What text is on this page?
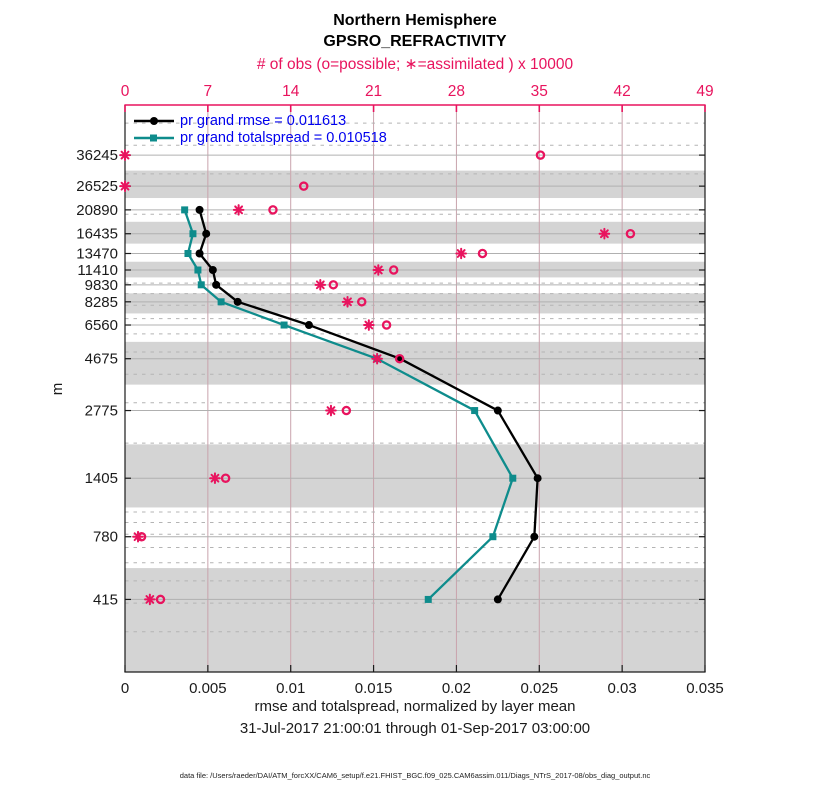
Northern Hemisphere
GPSRO_REFRACTIVITY
# of obs (o=possible; ∗=assimilated ) x 10000
0	0.005	0.01	0.015	0.02	0.025	0.03	0.035
0	7	14	21	28	35	42	49
36245
26525
20890
16435
13470
11410
9830
8285
6560
4675
2775
1405
780
415
m
pr grand rmse = 0.011613
pr grand totalspread = 0.010518
rmse and totalspread, normalized by layer mean
31-Jul-2017 21:00:01 through 01-Sep-2017 03:00:00
data file: /Users/raeder/DAI/ATM_forcXX/CAM6_setup/f.e21.FHIST_BGC.f09_025.CAM6assim.011/Diags_NTrS_2017-08/obs_diag_output.nc
